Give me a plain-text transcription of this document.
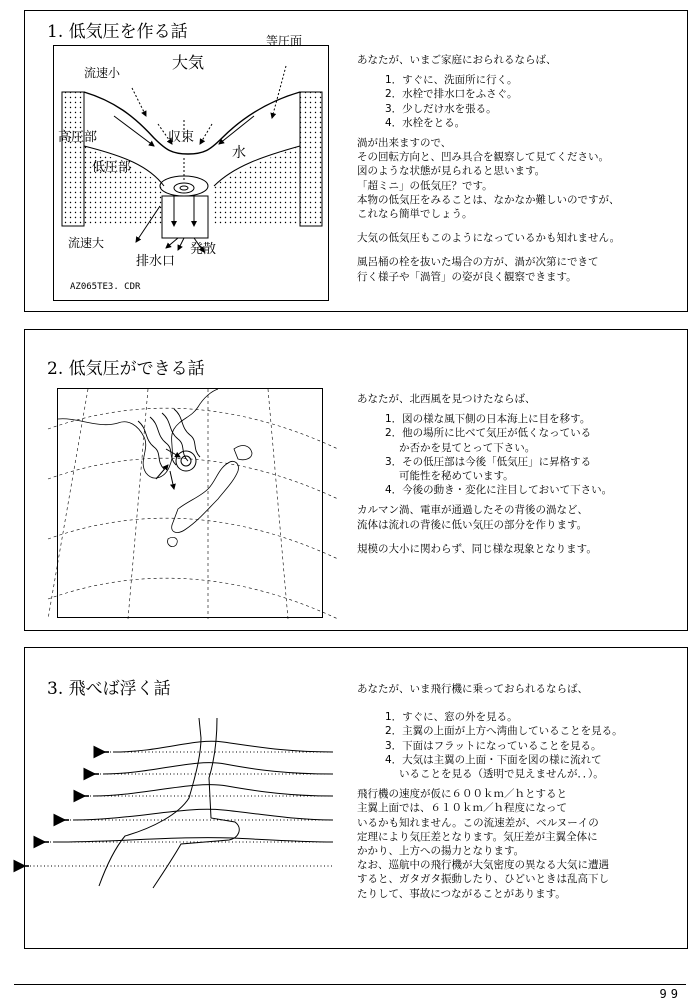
1. 低気圧を作る話	等圧面
大気
流速小
高圧部	収束
水
低圧部
流速大	発散
排水口
AZ065TE3. CDR

あなたが、いまご家庭におられるならば、

1．すぐに、洗面所に行く。
2．水栓で排水口をふさぐ。
3．少しだけ水を張る。
4．水栓をとる。

渦が出来ますので、

その回転方向と、凹み具合を観察して見てください。

図のような状態が見られると思います。

「超ミニ」の低気圧？です。

本物の低気圧をみることは、なかなか難しいのですが、

これなら簡単でしょう。

大気の低気圧もこのようになっているかも知れません。

風呂桶の栓を抜いた場合の方が、渦が次第にできて

行く様子や「渦管」の姿が良く観察できます。

2. 低気圧ができる話

あなたが、北西風を見つけたならば、

1．図の様な風下側の日本海上に目を移す。
2．他の場所に比べて気圧が低くなっている
か否かを見てとって下さい。
3．その低圧部は今後「低気圧」に昇格する
可能性を秘めています。
4．今後の動き・変化に注目しておいて下さい。

カルマン渦、電車が通過したその背後の渦など、

流体は流れの背後に低い気圧の部分を作ります。

規模の大小に関わらず、同じ様な現象となります。

3. 飛べば浮く話	あなたが、いま飛行機に乗っておられるならば、

1．すぐに、窓の外を見る。
2．主翼の上面が上方へ湾曲していることを見る。
3．下面はフラットになっていることを見る。
4．大気は主翼の上面・下面を図の様に流れて
いることを見る（透明で見えませんが．．）。

飛行機の速度が仮に６００ｋｍ／ｈとすると

主翼上面では、６１０ｋｍ／ｈ程度になって

いるかも知れません。この流速差が、ベルヌーイの

定理により気圧差となります。気圧差が主翼全体に

かかり、上方への揚力となります。

なお、巡航中の飛行機が大気密度の異なる大気に遭遇

すると、ガタガタ振動したり、ひどいときは乱高下し

たりして、事故につながることがあります。

99
